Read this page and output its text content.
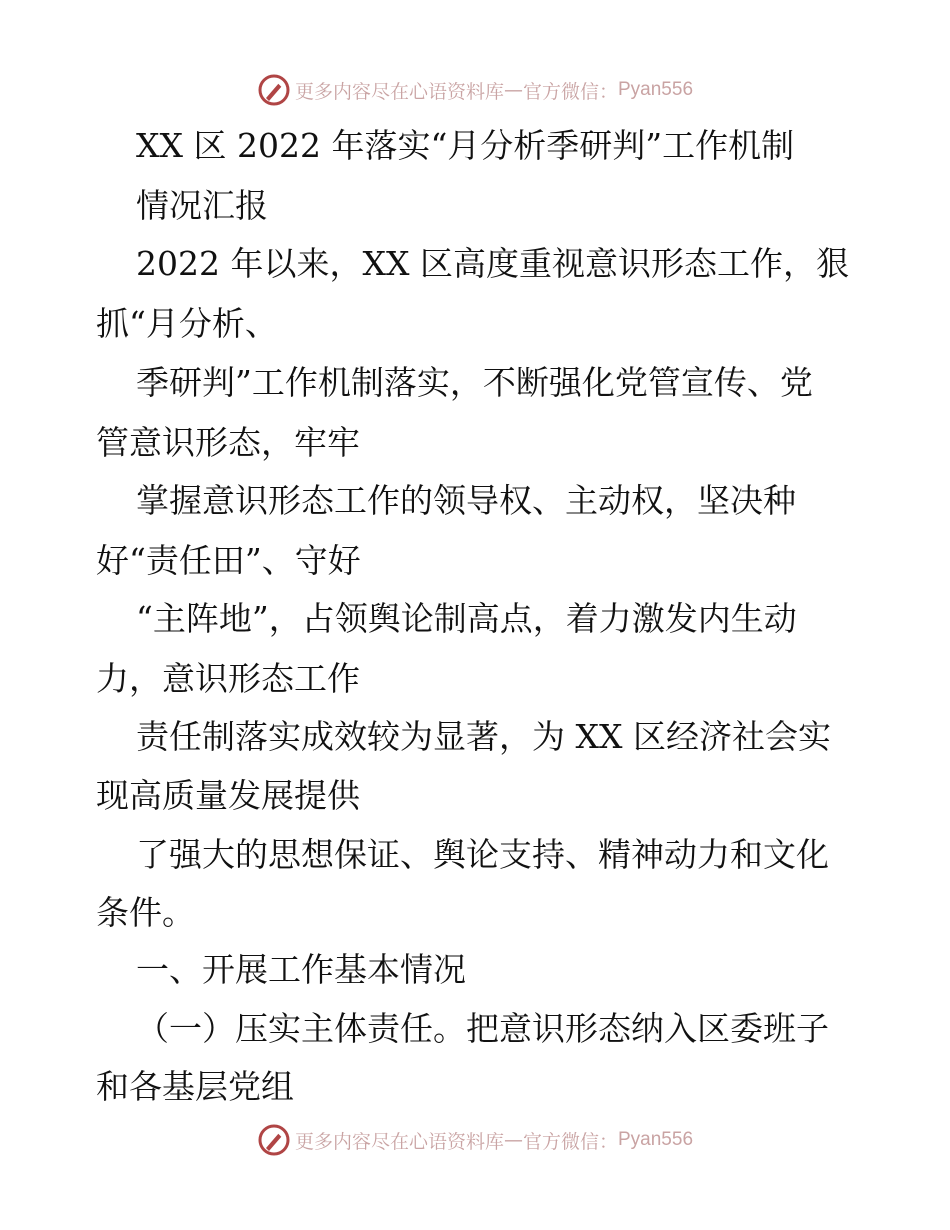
更多内容尽在心语资料库 — 官方微信： Pyan556
XX 区 2022 年落实“月分析季研判”工作机制
情况汇报
2022 年以来，XX 区高度重视意识形态工作，狠
抓“月分析、
季研判”工作机制落实，不断强化党管宣传、党
管意识形态，牢牢
掌握意识形态工作的领导权、主动权，坚决种
好“责任田”、守好
“主阵地”，占领舆论制高点，着力激发内生动
力，意识形态工作
责任制落实成效较为显著，为 XX 区经济社会实
现高质量发展提供
了强大的思想保证、舆论支持、精神动力和文化
条件。
一、开展工作基本情况
（一）压实主体责任。把意识形态纳入区委班子
和各基层党组
更多内容尽在心语资料库 — 官方微信： Pyan556
